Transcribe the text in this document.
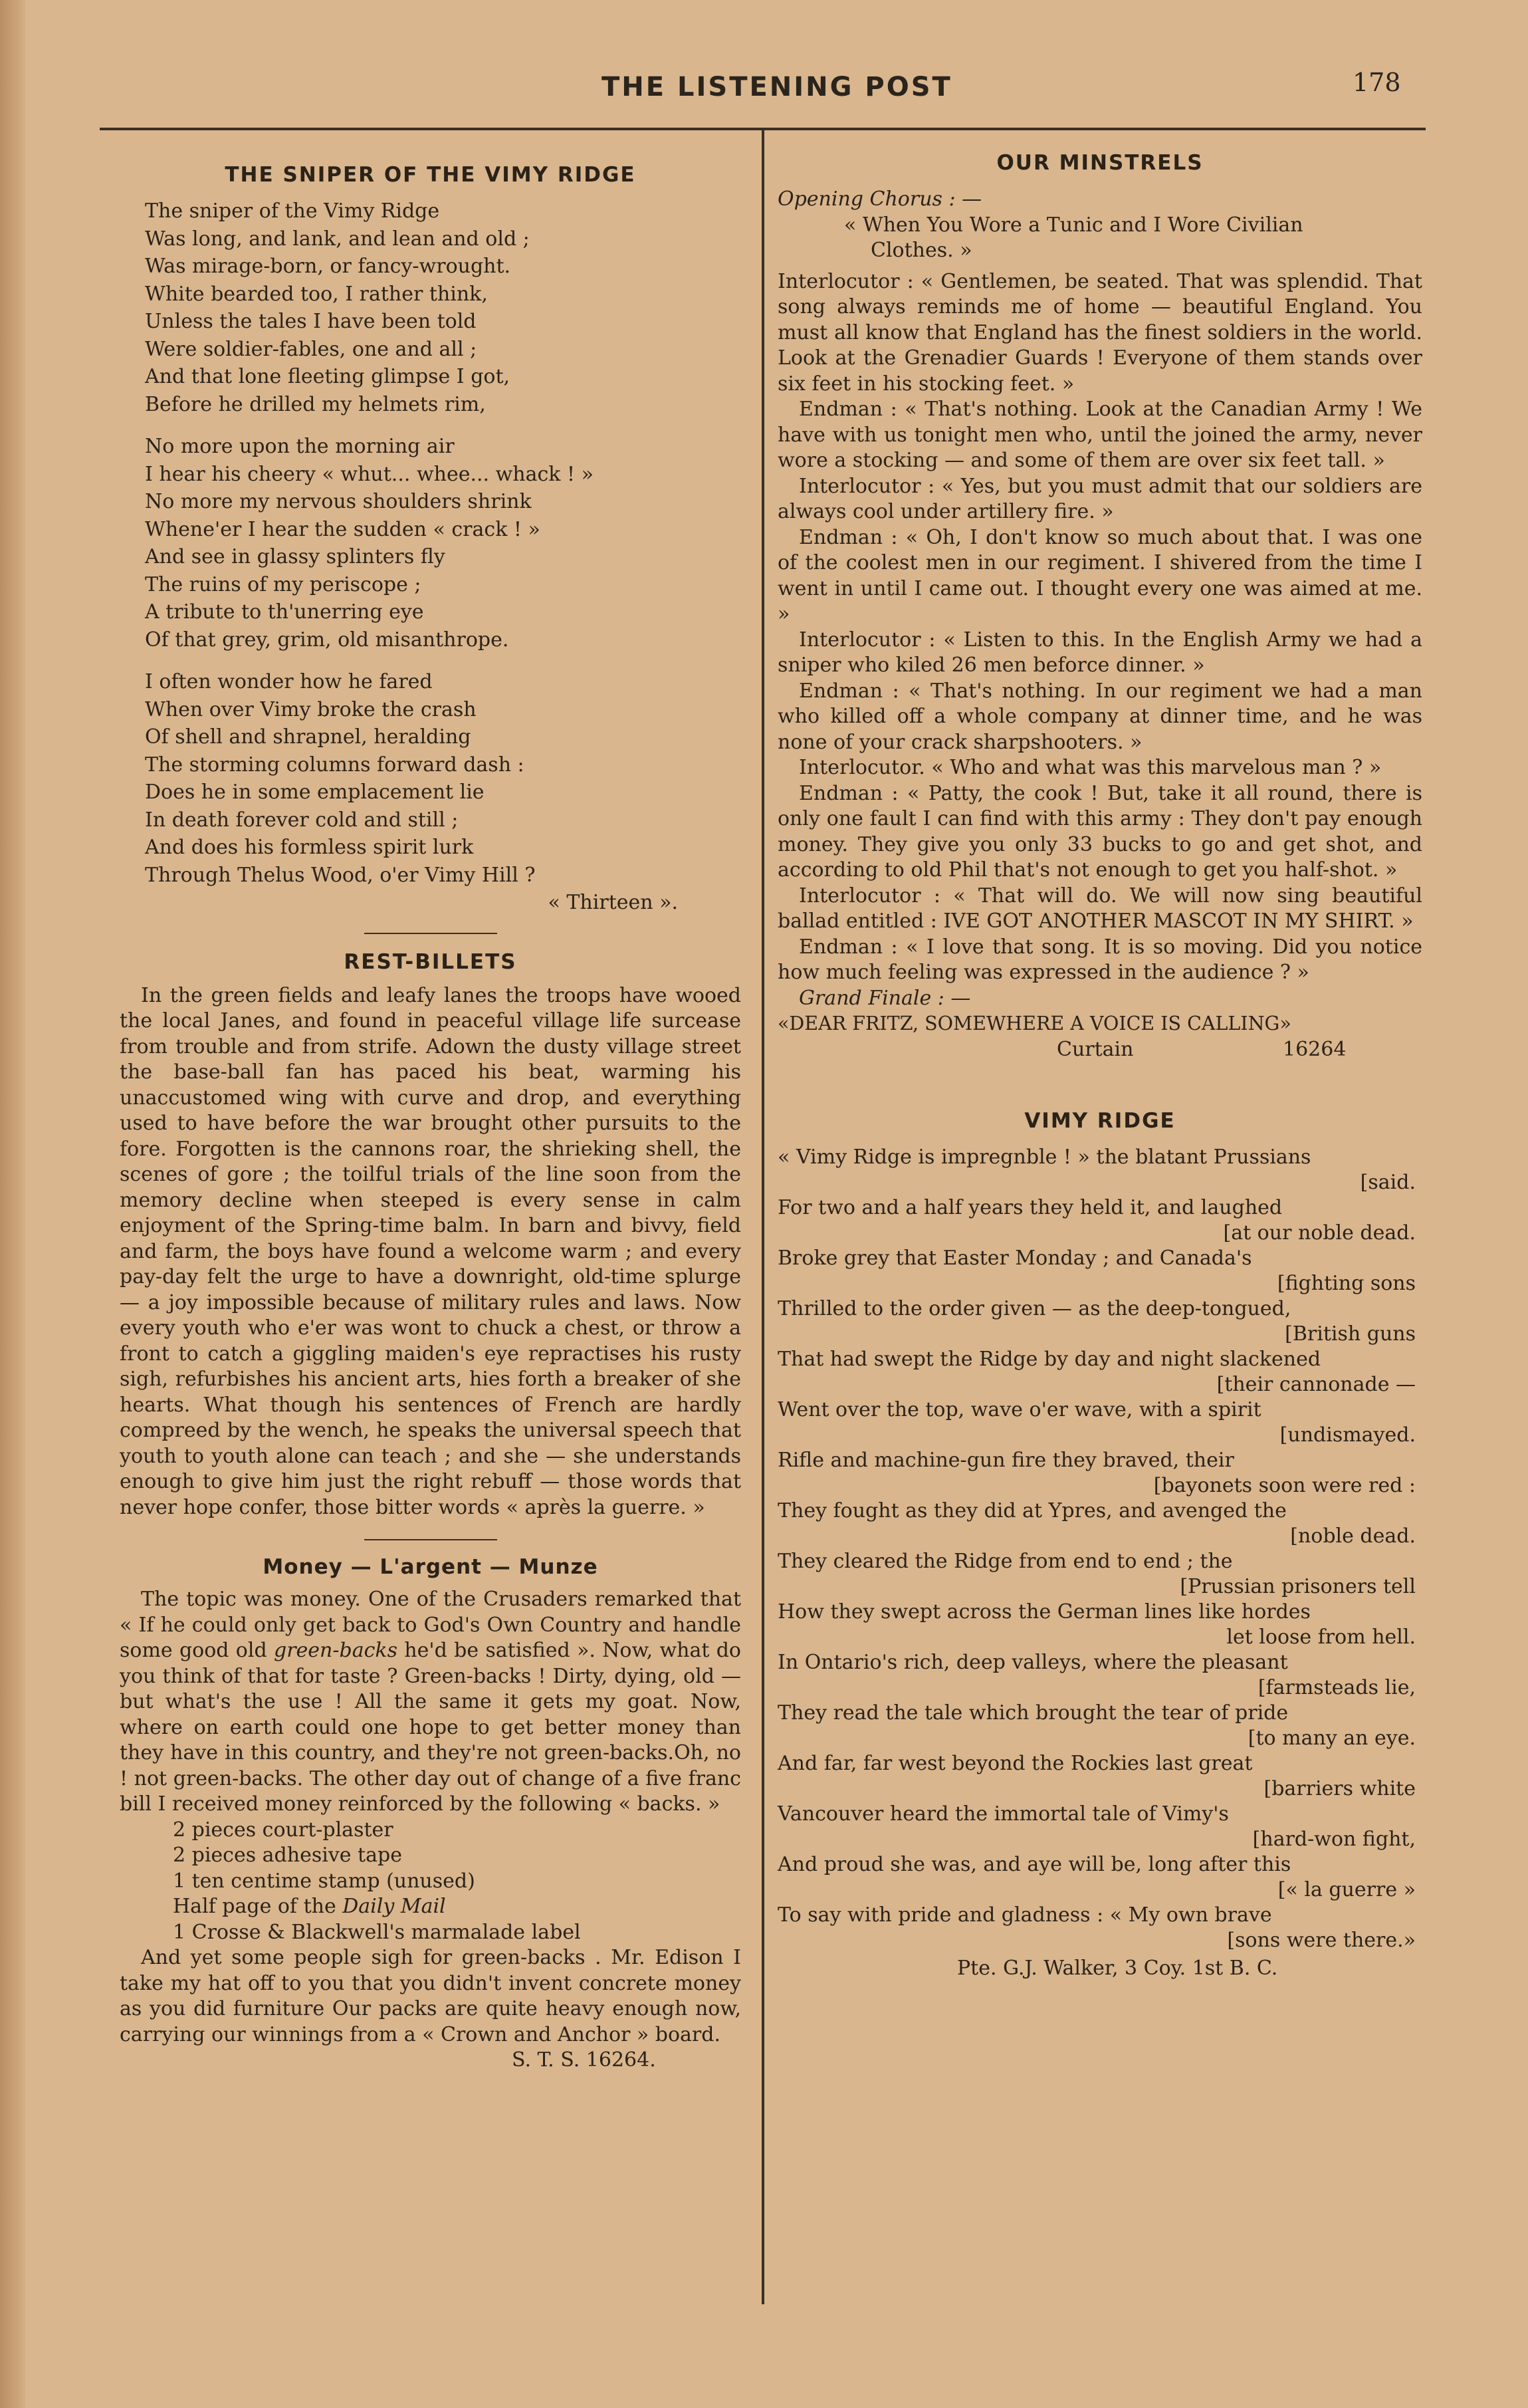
THE LISTENING POST	178
THE SNIPER OF THE VIMY RIDGE
The sniper of the Vimy Ridge
Was long, and lank, and lean and old ;
Was mirage-born, or fancy-wrought.
White bearded too, I rather think,
Unless the tales I have been told
Were soldier-fables, one and all ;
And that lone fleeting glimpse I got,
Before he drilled my helmets rim,
No more upon the morning air
I hear his cheery « whut... whee... whack ! »
No more my nervous shoulders shrink
Whene'er I hear the sudden « crack ! »
And see in glassy splinters fly
The ruins of my periscope ;
A tribute to th'unerring eye
Of that grey, grim, old misanthrope.
I often wonder how he fared
When over Vimy broke the crash
Of shell and shrapnel, heralding
The storming columns forward dash :
Does he in some emplacement lie
In death forever cold and still ;
And does his formless spirit lurk
Through Thelus Wood, o'er Vimy Hill ?
« Thirteen ».
REST-BILLETS

In the green fields and leafy lanes the troops have wooed the local Janes, and found in peaceful village life surcease from trouble and from strife. Adown the dusty village street the base-ball fan has paced his beat, warming his unaccustomed wing with curve and drop, and everything used to have before the war brought other pursuits to the fore. Forgotten is the cannons roar, the shrieking shell, the scenes of gore ; the toilful trials of the line soon from the memory decline when steeped is every sense in calm enjoyment of the Spring-time balm. In barn and bivvy, field and farm, the boys have found a welcome warm ; and every pay-day felt the urge to have a downright, old-time splurge — a joy impossible because of military rules and laws. Now every youth who e'er was wont to chuck a chest, or throw a front to catch a giggling maiden's eye repractises his rusty sigh, refurbishes his ancient arts, hies forth a breaker of she hearts. What though his sentences of French are hardly compreed by the wench, he speaks the universal speech that youth to youth alone can teach ; and she — she understands enough to give him just the right rebuff — those words that never hope confer, those bitter words « après la guerre. »

Money — L'argent — Munze

The topic was money. One of the Crusaders remarked that « If he could only get back to God's Own Country and handle some good old green-backs he'd be satisfied ». Now, what do you think of that for taste ? Green-backs ! Dirty, dying, old — but what's the use ! All the same it gets my goat. Now, where on earth could one hope to get better money than they have in this country, and they're not green-backs.Oh, no ! not green-backs. The other day out of change of a five franc bill I received money reinforced by the following « backs. »

2 pieces court-plaster
2 pieces adhesive tape
1 ten centime stamp (unused)
Half page of the Daily Mail
1 Crosse & Blackwell's marmalade label

And yet some people sigh for green-backs . Mr. Edison I take my hat off to you that you didn't invent concrete money as you did furniture Our packs are quite heavy enough now, carrying our winnings from a « Crown and Anchor » board.

S. T. S. 16264.
OUR MINSTRELS
Opening Chorus : —
« When You Wore a Tunic and I Wore Civilian
Clothes. »

Interlocutor : « Gentlemen, be seated. That was splendid. That song always reminds me of home — beautiful England. You must all know that England has the finest soldiers in the world. Look at the Grenadier Guards ! Everyone of them stands over six feet in his stocking feet. »

Endman : « That's nothing. Look at the Canadian Army ! We have with us tonight men who, until the joined the army, never wore a stocking — and some of them are over six feet tall. »

Interlocutor : « Yes, but you must admit that our soldiers are always cool under artillery fire. »

Endman : « Oh, I don't know so much about that. I was one of the coolest men in our regiment. I shivered from the time I went in until I came out. I thought every one was aimed at me. »

Interlocutor : « Listen to this. In the English Army we had a sniper who kiled 26 men beforce dinner. »

Endman : « That's nothing. In our regiment we had a man who killed off a whole company at dinner time, and he was none of your crack sharpshooters. »

Interlocutor. « Who and what was this marvelous man ? »

Endman : « Patty, the cook ! But, take it all round, there is only one fault I can find with this army : They don't pay enough money. They give you only 33 bucks to go and get shot, and according to old Phil that's not enough to get you half-shot. »

Interlocutor : « That will do. We will now sing beautiful ballad entitled : IVE GOT ANOTHER MASCOT IN MY SHIRT. »

Endman : « I love that song. It is so moving. Did you notice how much feeling was expressed in the audience ? »

Grand Finale : —
«DEAR FRITZ, SOMEWHERE A VOICE IS CALLING»
Curtain	16264
VIMY RIDGE
« Vimy Ridge is impregnble ! » the blatant Prussians
[said.
For two and a half years they held it, and laughed
[at our noble dead.
Broke grey that Easter Monday ; and Canada's
[fighting sons
Thrilled to the order given — as the deep-tongued,
[British guns
That had swept the Ridge by day and night slackened
[their cannonade —
Went over the top, wave o'er wave, with a spirit
[undismayed.
Rifle and machine-gun fire they braved, their
[bayonets soon were red :
They fought as they did at Ypres, and avenged the
[noble dead.
They cleared the Ridge from end to end ; the
[Prussian prisoners tell
How they swept across the German lines like hordes
let loose from hell.
In Ontario's rich, deep valleys, where the pleasant
[farmsteads lie,
They read the tale which brought the tear of pride
[to many an eye.
And far, far west beyond the Rockies last great
[barriers white
Vancouver heard the immortal tale of Vimy's
[hard-won fight,
And proud she was, and aye will be, long after this
[« la guerre »
To say with pride and gladness : « My own brave
[sons were there.»
Pte. G.J. Walker, 3 Coy. 1st B. C.
